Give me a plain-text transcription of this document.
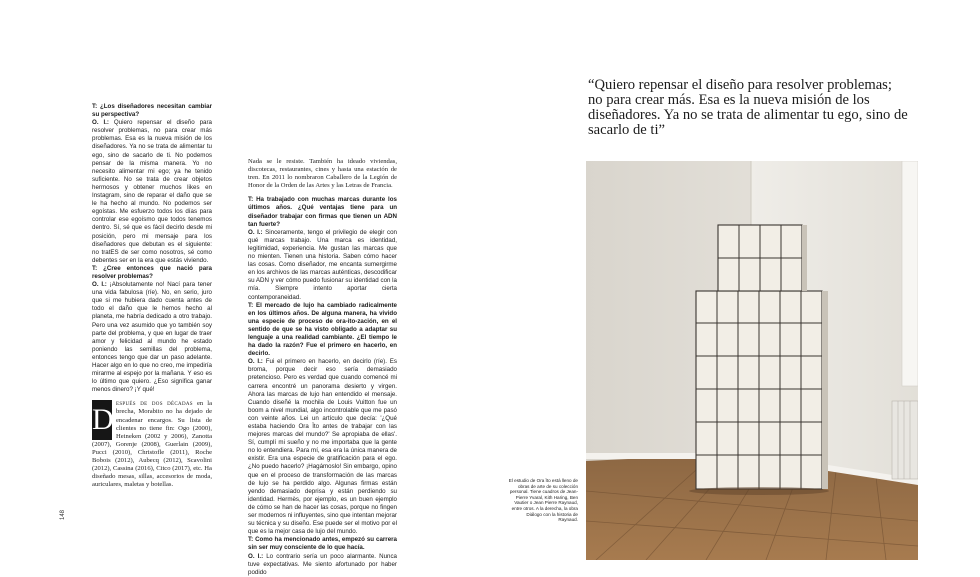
T: ¿Los diseñadores necesitan cambiar su perspectiva?

O. I.: Quiero repensar el diseño para resolver problemas, no para crear más problemas. Esa es la nueva misión de los diseñadores. Ya no se trata de alimentar tu ego, sino de sacarlo de ti. No podemos pensar de la misma manera. Yo no necesito alimentar mi ego; ya he tenido suficiente. No se trata de crear objetos hermosos y obtener muchos likes en Instagram, sino de reparar el daño que se le ha hecho al mundo. No podemos ser egoístas. Me esfuerzo todos los días para controlar ese egoísmo que todos tenemos dentro. Sí, sé que es fácil decirlo desde mi posición, pero mi mensaje para los diseñadores que debutan es el siguiente: no tratES de ser como nosotros, sé como debentes ser en la era que estás viviendo.

T: ¿Cree entonces que nació para resolver problemas?

O. I.: ¡Absolutamente no! Nací para tener una vida fabulosa (ríe). No, en serio, juro que si me hubiera dado cuenta antes de todo el daño que le hemos hecho al planeta, me habría dedicado a otro trabajo. Pero una vez asumido que yo también soy parte del problema, y que en lugar de traer amor y felicidad al mundo he estado poniendo las semillas del problema, entonces tengo que dar un paso adelante. Hacer algo en lo que no creo, me impediría mirarme al espejo por la mañana. Y eso es lo último que quiero. ¿Eso significa ganar menos dinero? ¡Y qué!

D espués de dos décadas en la brecha, Morabito no ha dejado de encadenar encargos. Su lista de clientes no tiene fin: Ogo (2000), Heineken (2002 y 2006), Zanotta (2007), Gorenje (2008), Guerlain (2009), Pucci (2010), Christofle (2011), Roche Bobois (2012), Aubecq (2012), Scavolini (2012), Cassina (2016), Citco (2017), etc. Ha diseñado mesas, sillas, accesorios de moda, auriculares, maletas y botellas.

Nada se le resiste. También ha ideado viviendas, discotecas, restaurantes, cines y hasta una estación de tren. En 2011 lo nombraron Caballero de la Legión de Honor de la Orden de las Artes y las Letras de Francia.

T: Ha trabajado con muchas marcas durante los últimos años. ¿Qué ventajas tiene para un diseñador trabajar con firmas que tienen un ADN tan fuerte?

O. I.: Sinceramente, tengo el privilegio de elegir con qué marcas trabajo. Una marca es identidad, legitimidad, experiencia. Me gustan las marcas que no mienten. Tienen una historia. Saben cómo hacer las cosas. Como diseñador, me encanta sumergirme en los archivos de las marcas auténticas, descodificar su ADN y ver cómo puedo fusionar su identidad con la mía. Siempre intento aportar cierta contemporaneidad.

T: El mercado de lujo ha cambiado radicalmente en los últimos años. De alguna manera, ha vivido una especie de proceso de ora-ito-zación, en el sentido de que se ha visto obligado a adaptar su lenguaje a una realidad cambiante. ¿El tiempo le ha dado la razón? Fue el primero en hacerlo, en decirlo.

O. I.: Fui el primero en hacerlo, en decirlo (ríe). Es broma, porque decir eso sería demasiado pretencioso. Pero es verdad que cuando comencé mi carrera encontré un panorama desierto y virgen. Ahora las marcas de lujo han entendido el mensaje. Cuando diseñé la mochila de Louis Vuitton fue un boom a nivel mundial, algo incontrolable que me pasó con veinte años. Lei un artículo que decía: '¿Qué estaba haciendo Ora Ïto antes de trabajar con las mejores marcas del mundo?' Se apropiaba de ellas'. Sí, cumplí mi sueño y no me importaba que la gente no lo entendiera. Para mí, esa era la única manera de existir. Era una especie de gratificación para el ego. ¿No puedo hacerlo? ¡Hagámoslo! Sin embargo, opino que en el proceso de transformación de las marcas de lujo se ha perdido algo. Algunas firmas están yendo demasiado deprisa y están perdiendo su identidad. Hermès, por ejemplo, es un buen ejemplo de cómo se han de hacer las cosas, porque no fingen ser modernos ni influyentes, sino que intentan mejorar su técnica y su diseño. Ese puede ser el motivo por el que es la mejor casa de lujo del mundo.

T: Como ha mencionado antes, empezó su carrera sin ser muy consciente de lo que hacía.

O. I.: Lo contrario sería un poco alarmante. Nunca tuve expectativas. Me siento afortunado por haber podido

“Quiero repensar el diseño para resolver problemas; no para crear más. Esa es la nueva misión de los diseñadores. Ya no se trata de alimentar tu ego, sino de sacarlo de ti”
El estudio de Ora Ïto está lleno de obras de arte de su colección personal. Tiene cuadros de Jean-Pierre Yvaral, Kith Haring, Ben Vautier o Jean Pierre Raynaud, entre otros. A la derecha, la obra Diálogo con la historia de Raynaud.
148
